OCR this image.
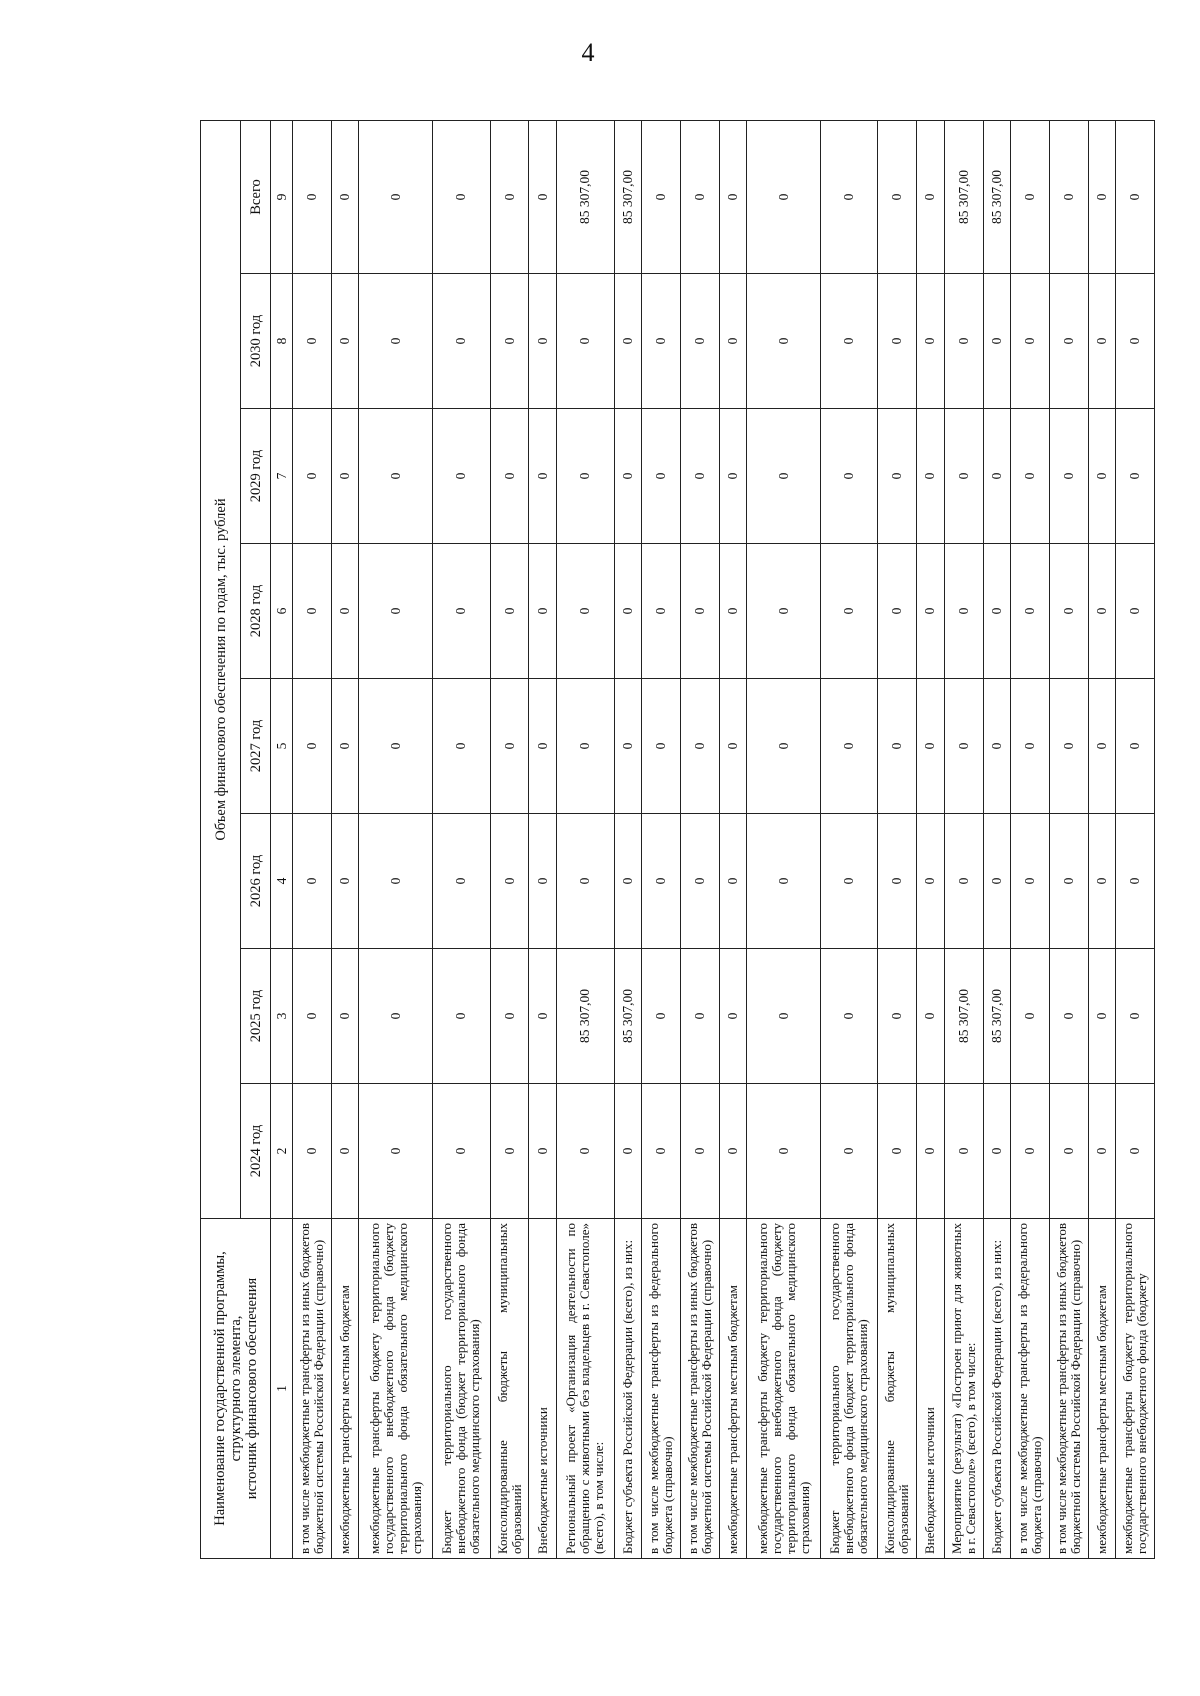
4
Наименование государственной программы, структурного элемента, источник финансового обеспечения	Объем финансового обеспечения по годам, тыс. рублей							
	2024 год	2025 год	2026 год	2027 год	2028 год	2029 год	2030 год	Всего
1	2	3	4	5	6	7	8	9
в том числе межбюджетные трансферты из иных бюджетов бюджетной системы Российской Федерации (справочно)	0	0	0	0	0	0	0	0
межбюджетные трансферты местным бюджетам	0	0	0	0	0	0	0	0
межбюджетные трансферты бюджету территориального государственного внебюджетного фонда (бюджету территориального фонда обязательного медицинского страхования)	0	0	0	0	0	0	0	0
Бюджет территориального государственного внебюджетного фонда (бюджет территориального фонда обязательного медицинского страхования)	0	0	0	0	0	0	0	0
Консолидированные бюджеты муниципальных образований	0	0	0	0	0	0	0	0
Внебюджетные источники	0	0	0	0	0	0	0	0
Региональный проект «Организация деятельности по обращению с животными без владельцев в г. Севастополе» (всего), в том числе:	0	85 307,00	0	0	0	0	0	85 307,00
Бюджет субъекта Российской Федерации (всего), из них:	0	85 307,00	0	0	0	0	0	85 307,00
в том числе межбюджетные трансферты из федерального бюджета (справочно)	0	0	0	0	0	0	0	0
в том числе межбюджетные трансферты из иных бюджетов бюджетной системы Российской Федерации (справочно)	0	0	0	0	0	0	0	0
межбюджетные трансферты местным бюджетам	0	0	0	0	0	0	0	0
межбюджетные трансферты бюджету территориального государственного внебюджетного фонда (бюджету территориального фонда обязательного медицинского страхования)	0	0	0	0	0	0	0	0
Бюджет территориального государственного внебюджетного фонда (бюджет территориального фонда обязательного медицинского страхования)	0	0	0	0	0	0	0	0
Консолидированные бюджеты муниципальных образований	0	0	0	0	0	0	0	0
Внебюджетные источники	0	0	0	0	0	0	0	0
Мероприятие (результат) «Построен приют для животных в г. Севастополе» (всего), в том числе:	0	85 307,00	0	0	0	0	0	85 307,00
Бюджет субъекта Российской Федерации (всего), из них:	0	85 307,00	0	0	0	0	0	85 307,00
в том числе межбюджетные трансферты из федерального бюджета (справочно)	0	0	0	0	0	0	0	0
в том числе межбюджетные трансферты из иных бюджетов бюджетной системы Российской Федерации (справочно)	0	0	0	0	0	0	0	0
межбюджетные трансферты местным бюджетам	0	0	0	0	0	0	0	0
межбюджетные трансферты бюджету территориального государственного внебюджетного фонда (бюджету	0	0	0	0	0	0	0	0
